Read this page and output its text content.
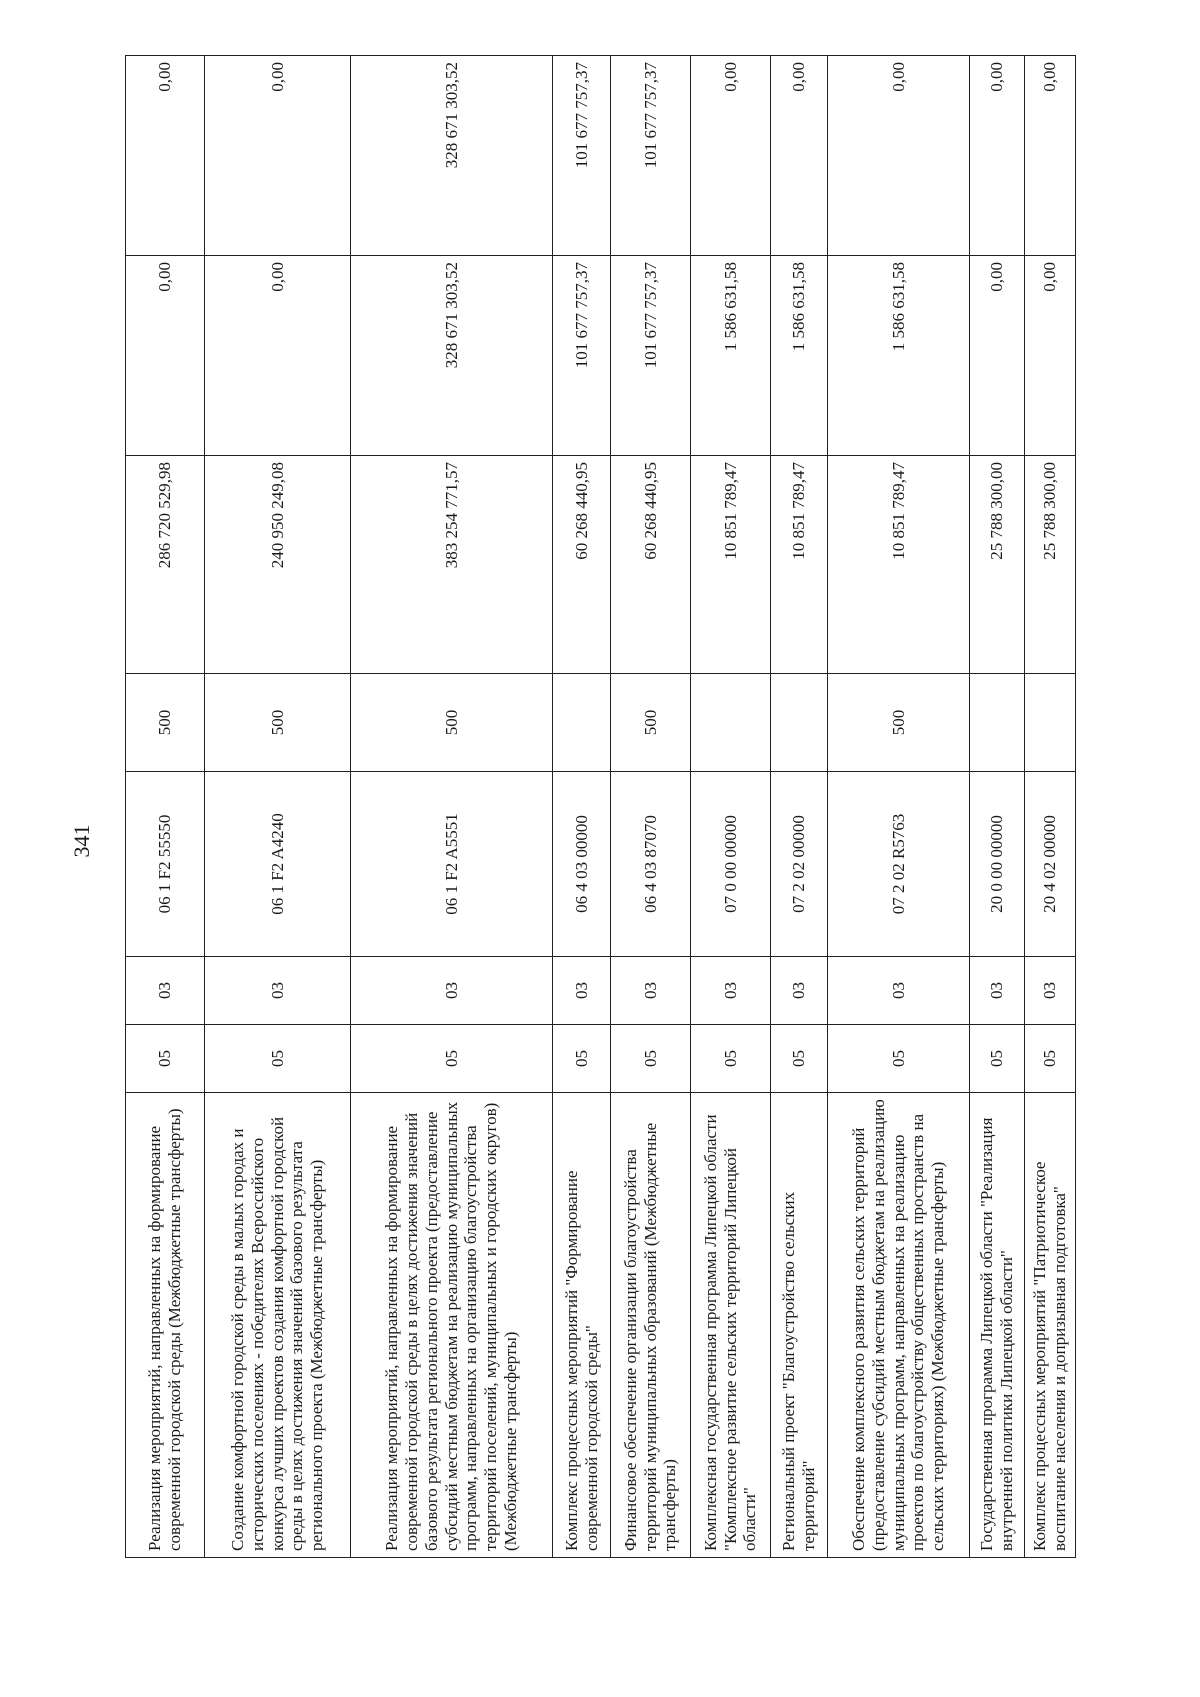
341
Реализация мероприятий, направленных на формирование современной городской среды (Межбюджетные трансферты)	05	03	06 1 F2 55550	500	286 720 529,98	0,00	0,00
Создание комфортной городской среды в малых городах и исторических поселениях - победителях Всероссийского конкурса лучших проектов создания комфортной городской среды в целях достижения значений базового результата регионального проекта (Межбюджетные трансферты)	05	03	06 1 F2 A4240	500	240 950 249,08	0,00	0,00
Реализация мероприятий, направленных на формирование современной городской среды в целях достижения значений базового результата регионального проекта (предоставление субсидий местным бюджетам на реализацию муниципальных программ, направленных на организацию благоустройства территорий поселений, муниципальных и городских округов) (Межбюджетные трансферты)	05	03	06 1 F2 A5551	500	383 254 771,57	328 671 303,52	328 671 303,52
Комплекс процессных мероприятий "Формирование современной городской среды"	05	03	06 4 03 00000		60 268 440,95	101 677 757,37	101 677 757,37
Финансовое обеспечение организации благоустройства территорий муниципальных образований (Межбюджетные трансферты)	05	03	06 4 03 87070	500	60 268 440,95	101 677 757,37	101 677 757,37
Комплексная государственная программа Липецкой области "Комплексное развитие сельских территорий Липецкой области"	05	03	07 0 00 00000		10 851 789,47	1 586 631,58	0,00
Региональный проект "Благоустройство сельских территорий"	05	03	07 2 02 00000		10 851 789,47	1 586 631,58	0,00
Обеспечение комплексного развития сельских территорий (предоставление субсидий местным бюджетам на реализацию муниципальных программ, направленных на реализацию проектов по благоустройству общественных пространств на сельских территориях) (Межбюджетные трансферты)	05	03	07 2 02 R5763	500	10 851 789,47	1 586 631,58	0,00
Государственная программа Липецкой области "Реализация внутренней политики Липецкой области"	05	03	20 0 00 00000		25 788 300,00	0,00	0,00
Комплекс процессных мероприятий "Патриотическое воспитание населения и допризывная подготовка"	05	03	20 4 02 00000		25 788 300,00	0,00	0,00
